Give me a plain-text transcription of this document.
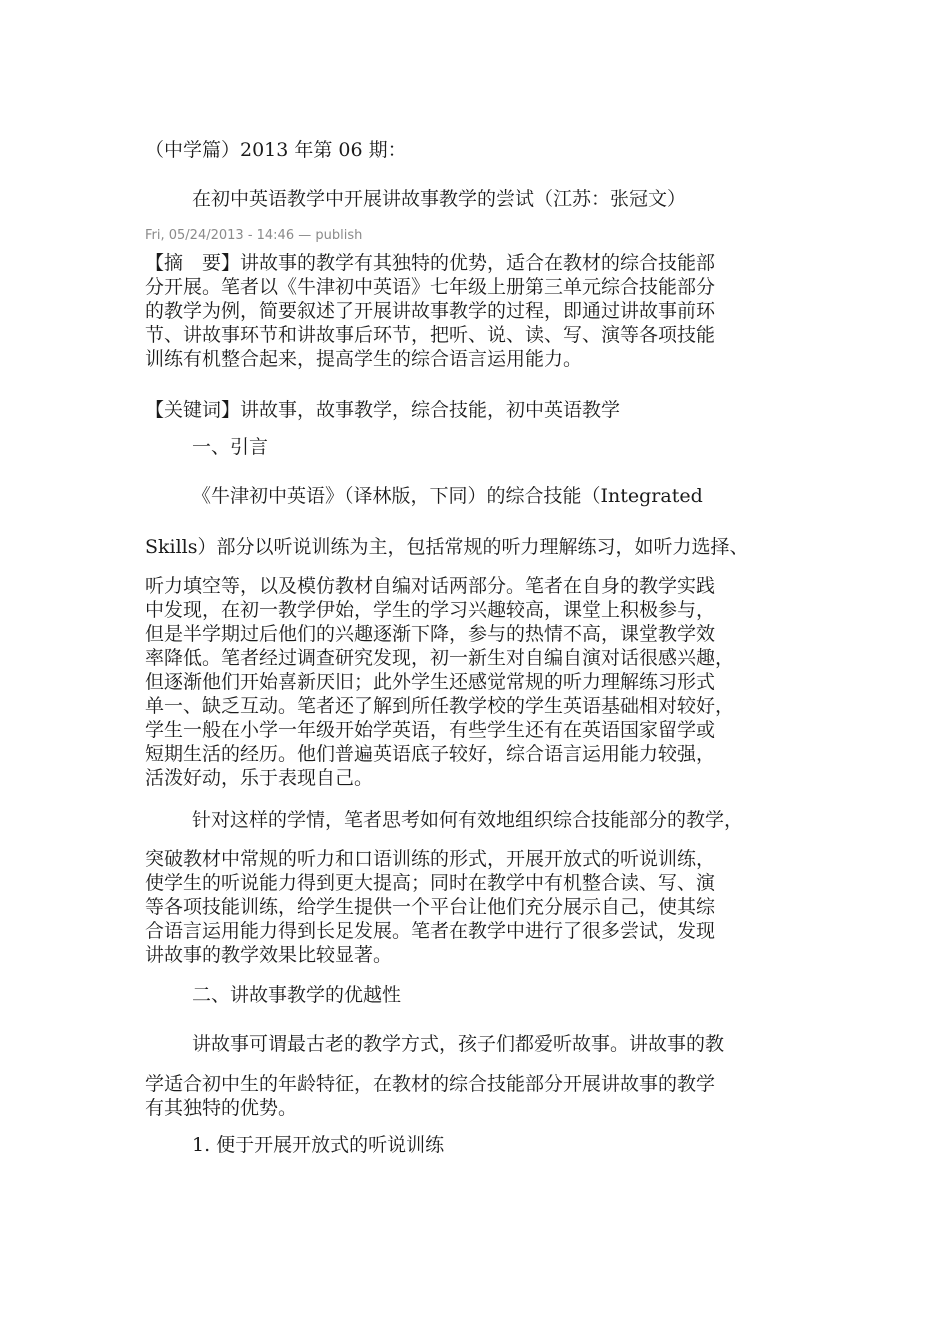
（中学篇）2013 年第 06 期：
在初中英语教学中开展讲故事教学的尝试（江苏：张冠文）
Fri, 05/24/2013 - 14:46 — publish
【摘　要】讲故事的教学有其独特的优势，适合在教材的综合技能部
分开展。笔者以《牛津初中英语》七年级上册第三单元综合技能部分
的教学为例，简要叙述了开展讲故事教学的过程，即通过讲故事前环
节、讲故事环节和讲故事后环节，把听、说、读、写、演等各项技能
训练有机整合起来，提高学生的综合语言运用能力。
【关键词】讲故事，故事教学，综合技能，初中英语教学
一、引言
《牛津初中英语》（译林版，下同）的综合技能（Integrated
Skills）部分以听说训练为主，包括常规的听力理解练习，如听力选择、
听力填空等，以及模仿教材自编对话两部分。笔者在自身的教学实践
中发现，在初一教学伊始，学生的学习兴趣较高，课堂上积极参与，
但是半学期过后他们的兴趣逐渐下降，参与的热情不高，课堂教学效
率降低。笔者经过调查研究发现，初一新生对自编自演对话很感兴趣，
但逐渐他们开始喜新厌旧；此外学生还感觉常规的听力理解练习形式
单一、缺乏互动。笔者还了解到所任教学校的学生英语基础相对较好，
学生一般在小学一年级开始学英语，有些学生还有在英语国家留学或
短期生活的经历。他们普遍英语底子较好，综合语言运用能力较强，
活泼好动，乐于表现自己。
针对这样的学情，笔者思考如何有效地组织综合技能部分的教学，
突破教材中常规的听力和口语训练的形式，开展开放式的听说训练，
使学生的听说能力得到更大提高；同时在教学中有机整合读、写、演
等各项技能训练，给学生提供一个平台让他们充分展示自己，使其综
合语言运用能力得到长足发展。笔者在教学中进行了很多尝试，发现
讲故事的教学效果比较显著。
二、讲故事教学的优越性
讲故事可谓最古老的教学方式，孩子们都爱听故事。讲故事的教
学适合初中生的年龄特征，在教材的综合技能部分开展讲故事的教学
有其独特的优势。
1. 便于开展开放式的听说训练
